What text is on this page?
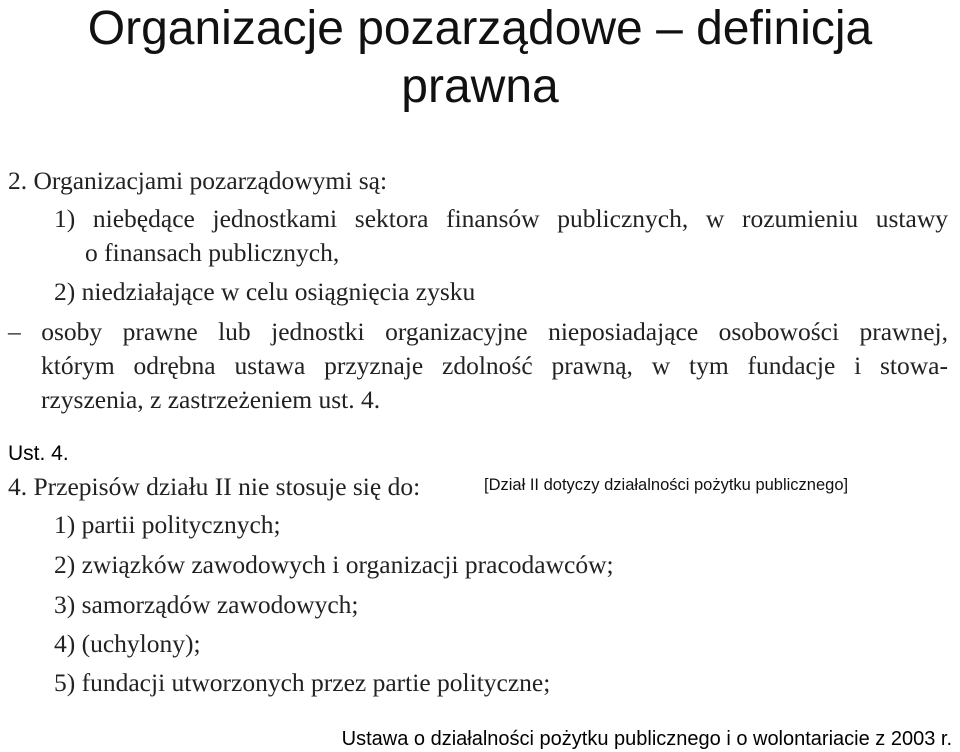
Organizacje pozarządowe – definicja
prawna
2. Organizacjami pozarządowymi są:
1) niebędące jednostkami sektora finansów publicznych, w rozumieniu ustawy
o finansach publicznych,
2) niedziałające w celu osiągnięcia zysku
– osoby prawne lub jednostki organizacyjne nieposiadające osobowości prawnej,
którym odrębna ustawa przyznaje zdolność prawną, w tym fundacje i stowa-
rzyszenia, z zastrzeżeniem ust. 4.
Ust. 4.
4. Przepisów działu II nie stosuje się do:
1) partii politycznych;
2) związków zawodowych i organizacji pracodawców;
3) samorządów zawodowych;
4) (uchylony);
5) fundacji utworzonych przez partie polityczne;
[Dział II dotyczy działalności pożytku publicznego]
Ustawa o działalności pożytku publicznego i o wolontariacie z 2003 r.
